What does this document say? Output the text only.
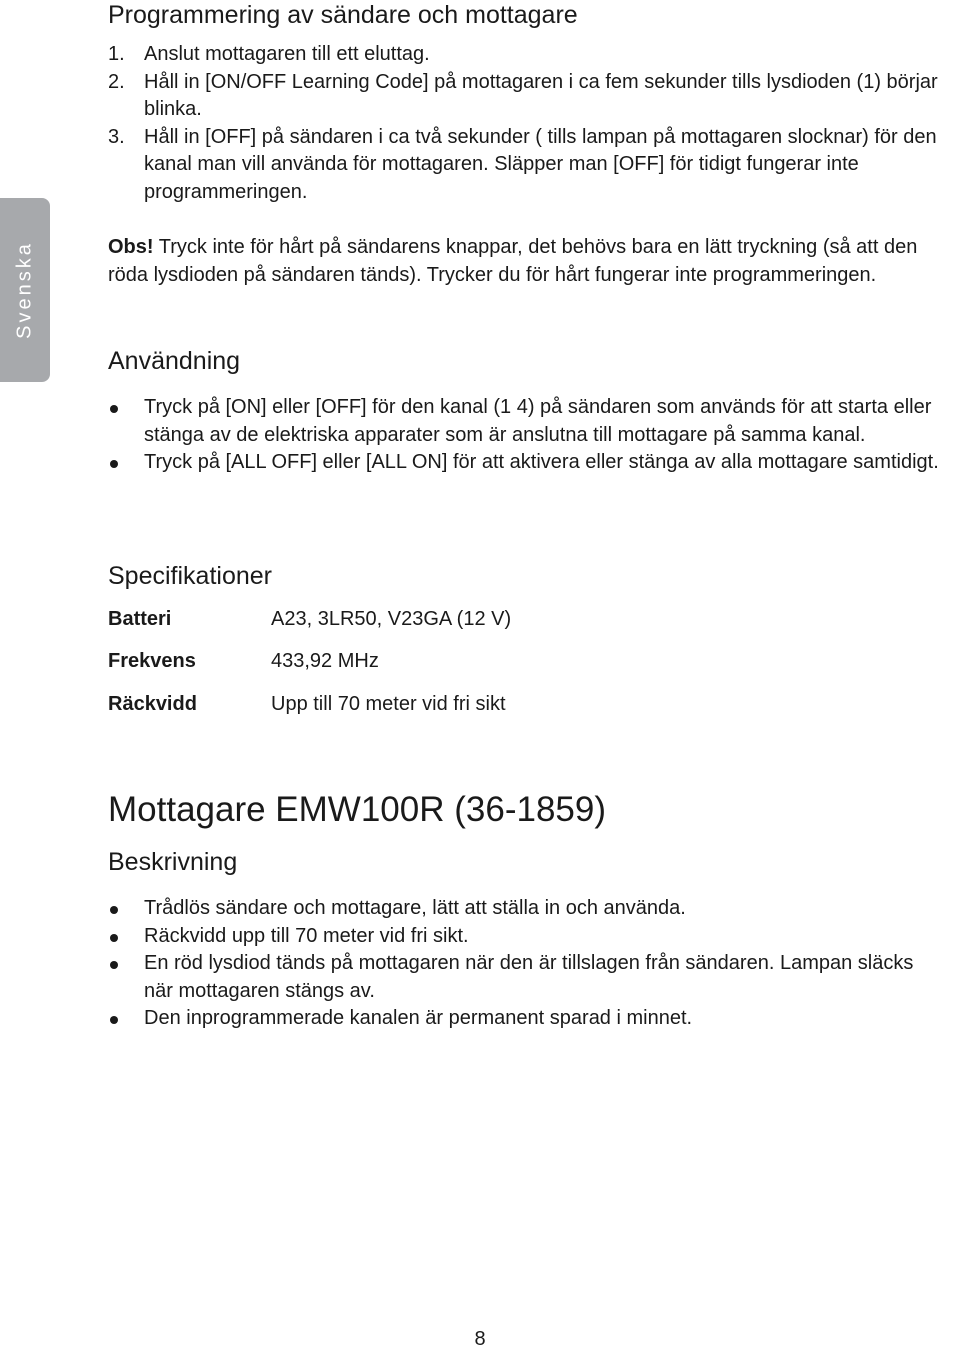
Svenska
Programmering av sändare och mottagare
1. Anslut mottagaren till ett eluttag.
2. Håll in [ON/OFF Learning Code] på mottagaren i ca fem sekunder tills lysdioden (1) börjar blinka.
3. Håll in [OFF] på sändaren i ca två sekunder ( tills lampan på mottagaren slocknar) för den kanal man vill använda för mottagaren. Släpper man [OFF] för tidigt fungerar inte programmeringen.

Obs! Tryck inte för hårt på sändarens knappar, det behövs bara en lätt tryckning (så att den röda lysdioden på sändaren tänds). Trycker du för hårt fungerar inte programmeringen.

Användning
Tryck på [ON] eller [OFF] för den kanal (1 4) på sändaren som används för att starta eller stänga av de elektriska apparater som är anslutna till mottagare på samma kanal.
Tryck på [ALL OFF] eller [ALL ON] för att aktivera eller stänga av alla mottagare samtidigt.
Specifikationer
Batteri	A23, 3LR50, V23GA (12 V)
Frekvens	433,92 MHz
Räckvidd	Upp till 70 meter vid fri sikt
Mottagare EMW100R (36-1859)
Beskrivning
Trådlös sändare och mottagare, lätt att ställa in och använda.
Räckvidd upp till 70 meter vid fri sikt.
En röd lysdiod tänds på mottagaren när den är tillslagen från sändaren. Lampan släcks när mottagaren stängs av.
Den inprogrammerade kanalen är permanent sparad i minnet.
8
